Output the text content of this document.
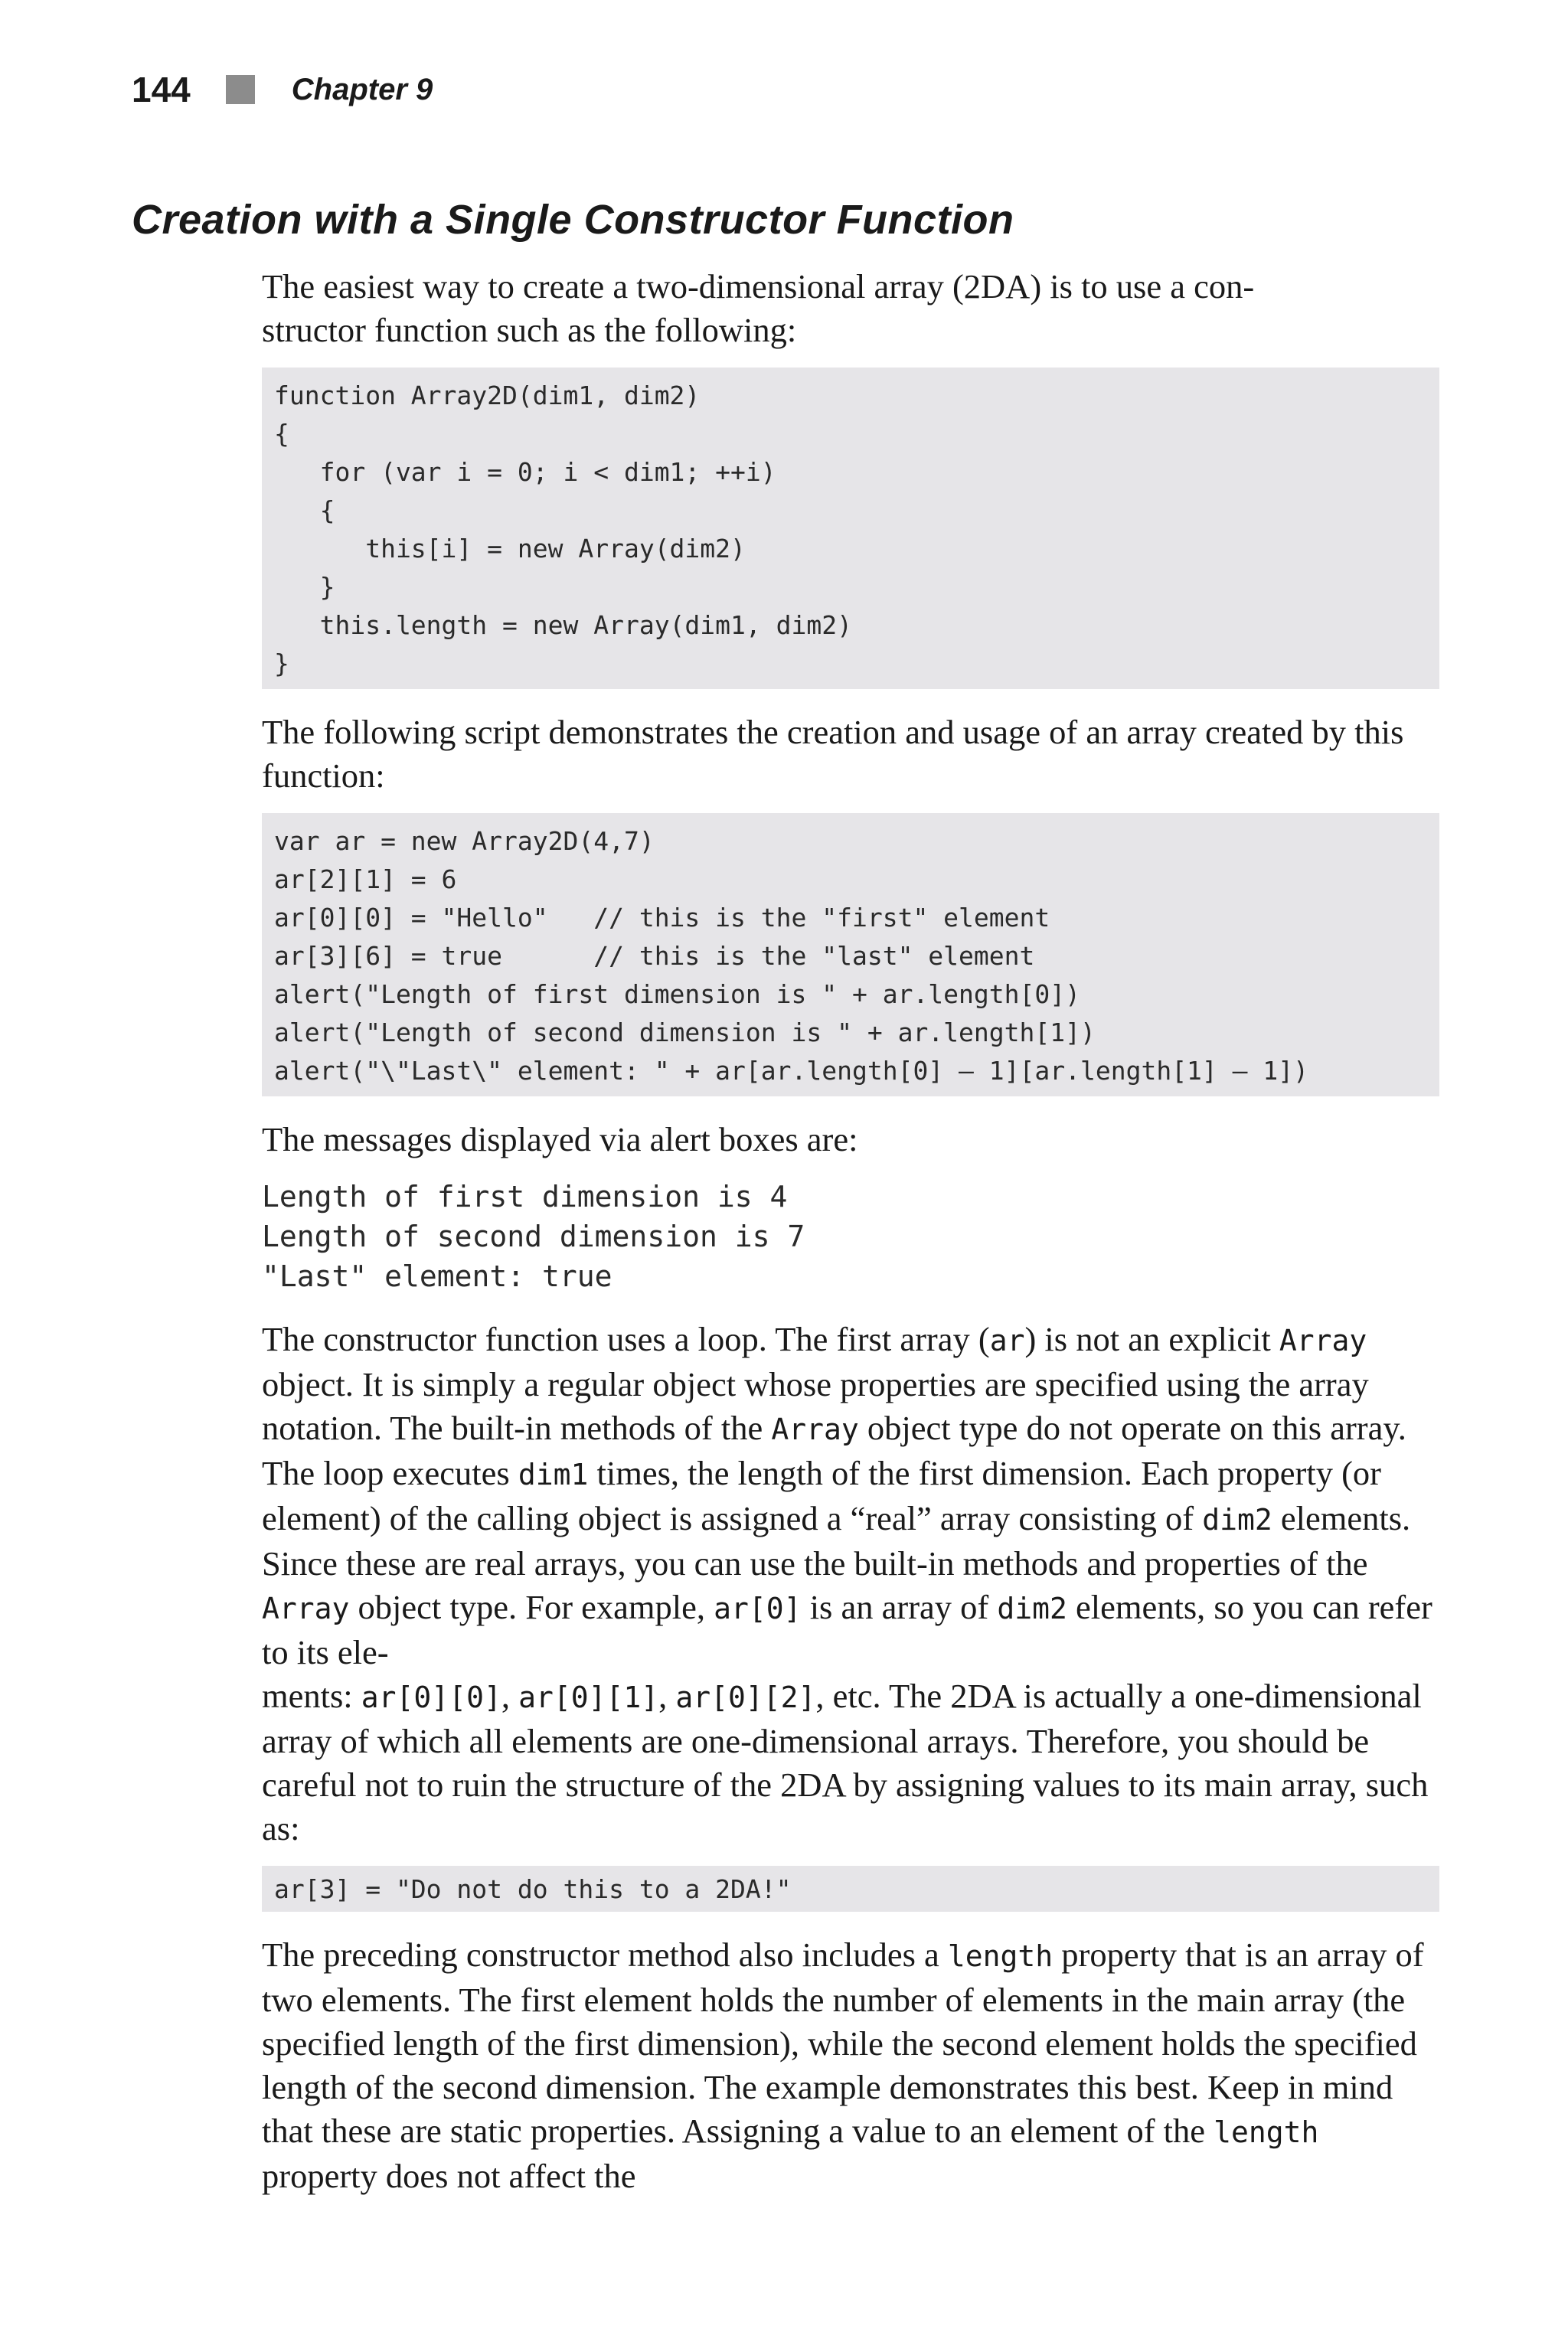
144	Chapter 9
Creation with a Single Constructor Function

The easiest way to create a two-dimensional array (2DA) is to use a con-
structor function such as the following:

function Array2D(dim1, dim2)
{
for (var i = 0; i < dim1; ++i)
{
this[i] = new Array(dim2)
}
this.length = new Array(dim1, dim2)
}

The following script demonstrates the creation and usage of an array created by this function:

var ar = new Array2D(4,7)
ar[2][1] = 6
ar[0][0] = "Hello"   // this is the "first" element
ar[3][6] = true      // this is the "last" element
alert("Length of first dimension is " + ar.length[0])
alert("Length of second dimension is " + ar.length[1])
alert("\"Last\" element: " + ar[ar.length[0] – 1][ar.length[1] – 1])

The messages displayed via alert boxes are:

Length of first dimension is 4
Length of second dimension is 7
"Last" element: true

The constructor function uses a loop. The first array (ar) is not an explicit Array object. It is simply a regular object whose properties are specified using the array notation. The built-in methods of the Array object type do not operate on this array. The loop executes dim1 times, the length of the first dimension. Each property (or element) of the calling object is assigned a “real” array consisting of dim2 elements. Since these are real arrays, you can use the built-in methods and properties of the Array object type. For example, ar[0] is an array of dim2 elements, so you can refer to its ele-
ments: ar[0][0], ar[0][1], ar[0][2], etc. The 2DA is actually a one-dimensional array of which all elements are one-dimensional arrays. Therefore, you should be careful not to ruin the structure of the 2DA by assigning values to its main array, such as:

ar[3] = "Do not do this to a 2DA!"

The preceding constructor method also includes a length property that is an array of two elements. The first element holds the number of elements in the main array (the specified length of the first dimension), while the second element holds the specified length of the second dimension. The example demonstrates this best. Keep in mind that these are static properties. Assigning a value to an element of the length property does not affect the
